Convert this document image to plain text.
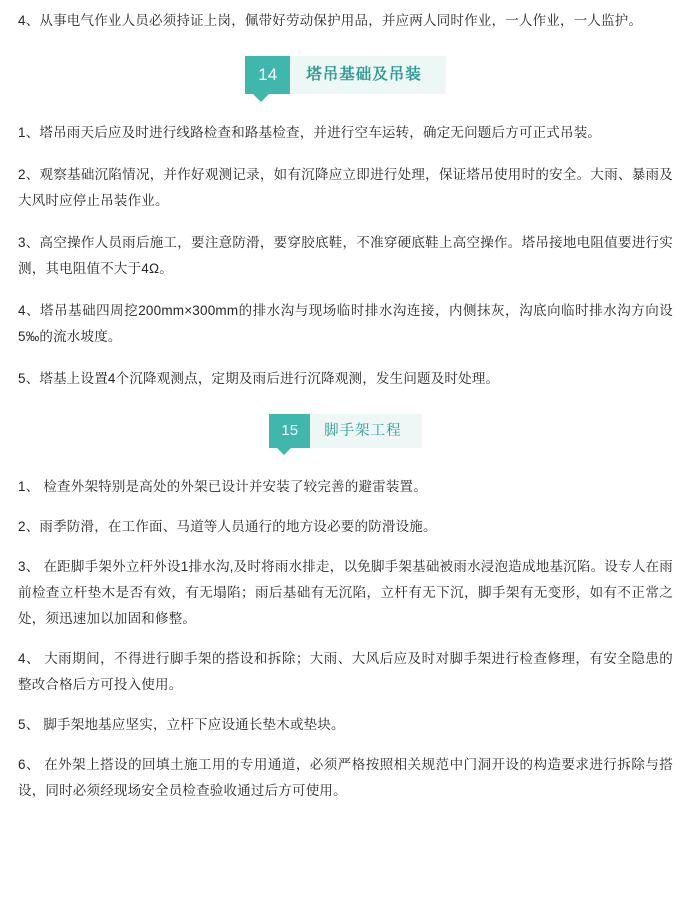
4、从事电气作业人员必须持证上岗，佩带好劳动保护用品，并应两人同时作业，一人作业，一人监护。

14	塔吊基础及吊装

1、塔吊雨天后应及时进行线路检查和路基检查，并进行空车运转，确定无问题后方可正式吊装。

2、观察基础沉陷情况，并作好观测记录，如有沉降应立即进行处理，保证塔吊使用时的安全。大雨、暴雨及大风时应停止吊装作业。

3、高空操作人员雨后施工，要注意防滑，要穿胶底鞋，不准穿硬底鞋上高空操作。塔吊接地电阻值要进行实测，其电阻值不大于4Ω。

4、塔吊基础四周挖200mm×300mm的排水沟与现场临时排水沟连接，内侧抹灰，沟底向临时排水沟方向设5‰的流水坡度。

5、塔基上设置4个沉降观测点，定期及雨后进行沉降观测，发生问题及时处理。

15	脚手架工程

1、 检查外架特别是高处的外架已设计并安装了较完善的避雷装置。

2、雨季防滑，在工作面、马道等人员通行的地方设必要的防滑设施。

3、 在距脚手架外立杆外设1排水沟,及时将雨水排走，以免脚手架基础被雨水浸泡造成地基沉陷。设专人在雨前检查立杆垫木是否有效，有无塌陷；雨后基础有无沉陷，立杆有无下沉，脚手架有无变形，如有不正常之处，须迅速加以加固和修整。

4、 大雨期间，不得进行脚手架的搭设和拆除；大雨、大风后应及时对脚手架进行检查修理，有安全隐患的整改合格后方可投入使用。

5、 脚手架地基应坚实，立杆下应设通长垫木或垫块。

6、 在外架上搭设的回填土施工用的专用通道，必须严格按照相关规范中门洞开设的构造要求进行拆除与搭设，同时必须经现场安全员检查验收通过后方可使用。
